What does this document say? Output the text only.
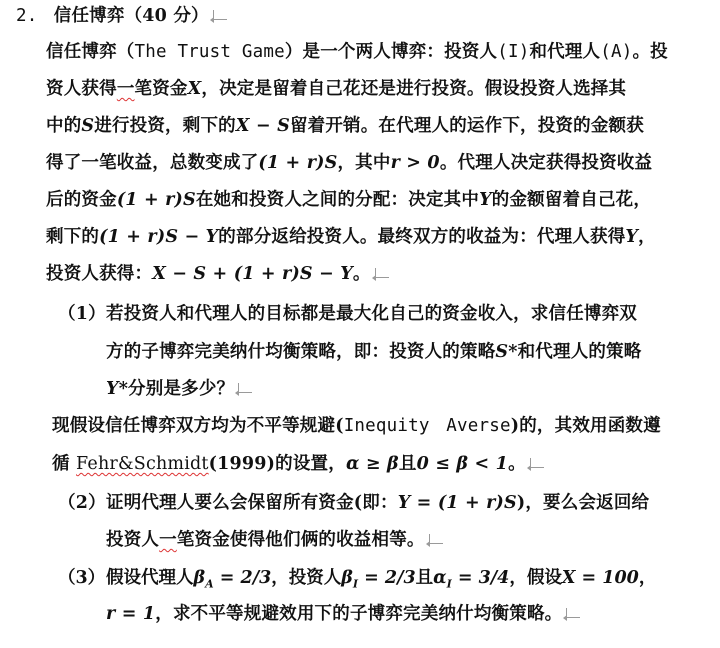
2. 信任博弈（40 分）
信任博弈（The Trust Game）是一个两人博弈：投资人(I)和代理人(A)。投
资人获得一笔资金X，决定是留着自己花还是进行投资。假设投资人选择其
中的S进行投资，剩下的X − S留着开销。在代理人的运作下，投资的金额获
得了一笔收益，总数变成了(1 + r)S，其中r > 0。代理人决定获得投资收益
后的资金(1 + r)S在她和投资人之间的分配：决定其中Y的金额留着自己花，
剩下的(1 + r)S − Y的部分返给投资人。最终双方的收益为：代理人获得Y，
投资人获得：X − S + (1 + r)S − Y。
（1）若投资人和代理人的目标都是最大化自己的资金收入，求信任博弈双
方的子博弈完美纳什均衡策略，即：投资人的策略S*和代理人的策略
Y*分别是多少？
现假设信任博弈双方均为不平等规避(Inequity Averse)的，其效用函数遵
循 Fehr&Schmidt(1999)的设置，α ≥ β且0 ≤ β < 1。
（2）证明代理人要么会保留所有资金(即：Y = (1 + r)S)，要么会返回给
投资人一笔资金使得他们俩的收益相等。
（3）假设代理人$\beta_A = 2/3$，投资人$\beta_I = 2/3$且$\alpha_I = 3/4$，假设X = 100，
r = 1，求不平等规避效用下的子博弈完美纳什均衡策略。
